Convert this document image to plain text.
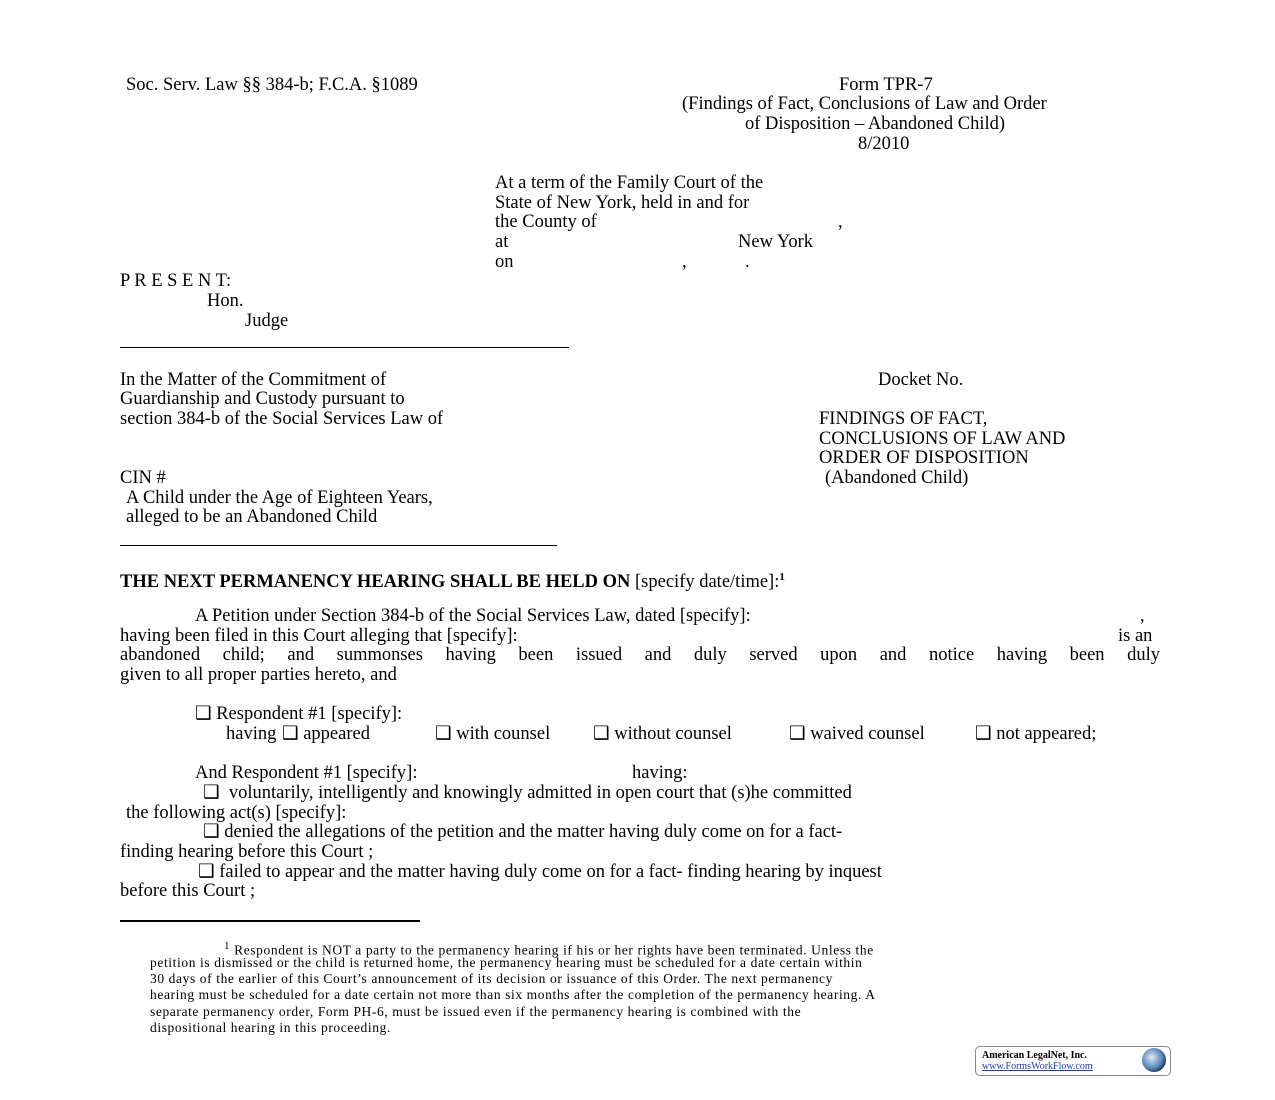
Soc. Serv. Law §§ 384-b; F.C.A. §1089	Form TPR-7
(Findings of Fact, Conclusions of Law and Order
of Disposition – Abandoned Child)
8/2010
At a term of the Family Court of the
State of New York, held in and for
the County of	,
at	New York
on	,	.
P R E S E N T:
Hon.
Judge
In the Matter of the Commitment of
Guardianship and Custody pursuant to
section 384-b of the Social Services Law of
CIN #
A Child under the Age of Eighteen Years,
alleged to be an Abandoned Child
Docket No.
FINDINGS OF FACT,
CONCLUSIONS OF LAW AND
ORDER OF DISPOSITION
(Abandoned Child)
THE NEXT PERMANENCY HEARING SHALL BE HELD ON [specify date/time]:$^1$
A Petition under Section 384-b of the Social Services Law, dated [specify]:	,
having been filed in this Court alleging that [specify]:	is an
abandoned child; and summonses having been issued and duly served upon and notice having been duly
given to all proper parties hereto, and
❑ Respondent #1 [specify]:
having ❑ appeared	❑ with counsel ❑ without counsel	❑ waived counsel	❑ not appeared;
And Respondent #1 [specify]:	having:
❑  voluntarily, intelligently and knowingly admitted in open court that (s)he committed
the following act(s) [specify]:
❑ denied the allegations of the petition and the matter having duly come on for a fact-
finding hearing before this Court ;
❑ failed to appear and the matter having duly come on for a fact- finding hearing by inquest
before this Court ;
$^1$ Respondent is NOT a party to the permanency hearing if his or her rights have been terminated. Unless the
petition is dismissed or the child is returned home, the permanency hearing must be scheduled for a date certain within
30 days of the earlier of this Court’s announcement of its decision or issuance of this Order. The next permanency
hearing must be scheduled for a date certain not more than six months after the completion of the permanency hearing. A
separate permanency order, Form PH-6, must be issued even if the permanency hearing is combined with the
dispositional hearing in this proceeding.
American LegalNet, Inc.
www.FormsWorkFlow.com
